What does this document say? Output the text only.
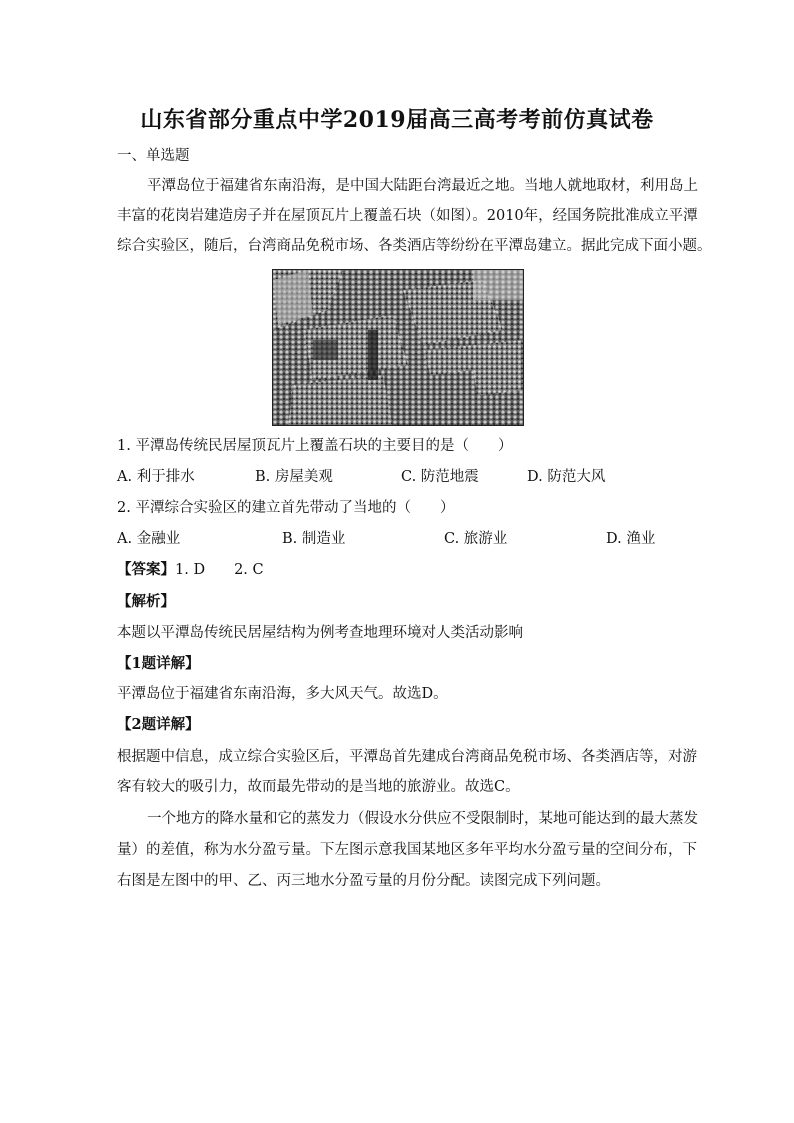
山东省部分重点中学2019届高三高考考前仿真试卷
一、单选题
平潭岛位于福建省东南沿海，是中国大陆距台湾最近之地。当地人就地取材，利用岛上
丰富的花岗岩建造房子并在屋顶瓦片上覆盖石块（如图）。2010年，经国务院批准成立平潭
综合实验区，随后，台湾商品免税市场、各类酒店等纷纷在平潭岛建立。据此完成下面小题。
1. 平潭岛传统民居屋顶瓦片上覆盖石块的主要目的是（　　）
A. 利于排水	B. 房屋美观	C. 防范地震	D. 防范大风
2. 平潭综合实验区的建立首先带动了当地的（　　）
A. 金融业	B. 制造业	C. 旅游业	D. 渔业
【答案】1. D　　2. C
【解析】
本题以平潭岛传统民居屋结构为例考查地理环境对人类活动影响
【1题详解】
平潭岛位于福建省东南沿海，多大风天气。故选D。
【2题详解】
根据题中信息，成立综合实验区后，平潭岛首先建成台湾商品免税市场、各类酒店等，对游
客有较大的吸引力，故而最先带动的是当地的旅游业。故选C。
一个地方的降水量和它的蒸发力（假设水分供应不受限制时，某地可能达到的最大蒸发
量）的差值，称为水分盈亏量。下左图示意我国某地区多年平均水分盈亏量的空间分布，下
右图是左图中的甲、乙、丙三地水分盈亏量的月份分配。读图完成下列问题。
